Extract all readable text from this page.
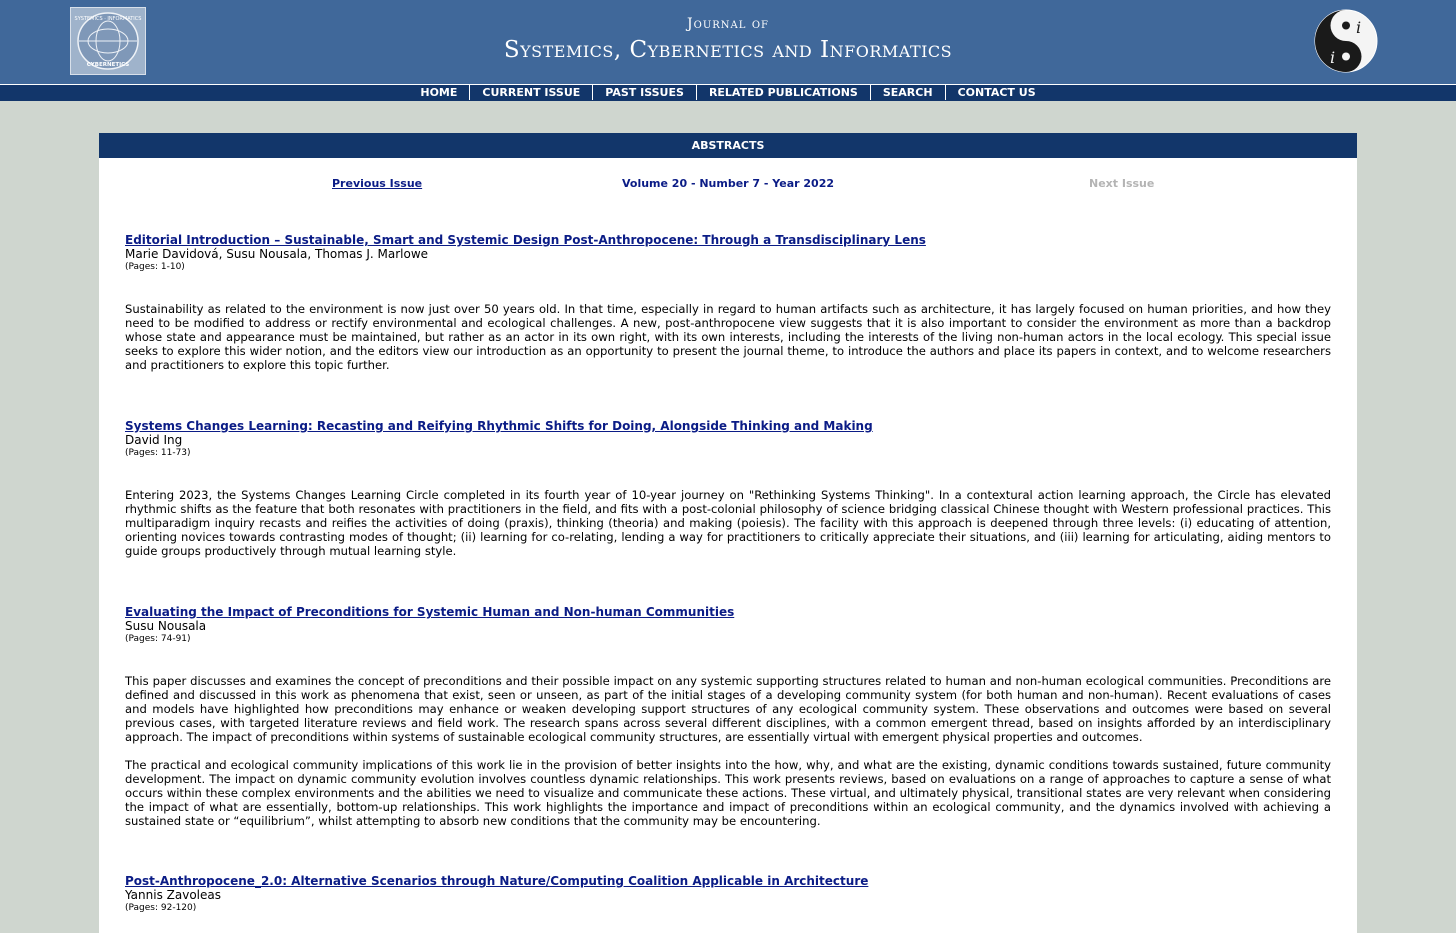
SYSTEMICS · INFORMATICS
CYBERNETICS
Journal of
Systemics, Cybernetics and Informatics
i
i
HOME CURRENT ISSUE PAST ISSUES RELATED PUBLICATIONS SEARCH CONTACT US
ABSTRACTS
Previous Issue	Volume 20 - Number 7 - Year 2022	Next Issue
Editorial Introduction – Sustainable, Smart and Systemic Design Post-Anthropocene: Through a Transdisciplinary Lens
Marie Davidová, Susu Nousala, Thomas J. Marlowe
(Pages: 1-10)

Sustainability as related to the environment is now just over 50 years old. In that time, especially in regard to human artifacts such as architecture, it has largely focused on human priorities, and how they need to be modified to address or rectify environmental and ecological challenges. A new, post-anthropocene view suggests that it is also important to consider the environment as more than a backdrop whose state and appearance must be maintained, but rather as an actor in its own right, with its own interests, including the interests of the living non-human actors in the local ecology. This special issue seeks to explore this wider notion, and the editors view our introduction as an opportunity to present the journal theme, to introduce the authors and place its papers in context, and to welcome researchers and practitioners to explore this topic further.

Systems Changes Learning: Recasting and Reifying Rhythmic Shifts for Doing, Alongside Thinking and Making
David Ing
(Pages: 11-73)

Entering 2023, the Systems Changes Learning Circle completed in its fourth year of 10-year journey on "Rethinking Systems Thinking". In a contextural action learning approach, the Circle has elevated rhythmic shifts as the feature that both resonates with practitioners in the field, and fits with a post-colonial philosophy of science bridging classical Chinese thought with Western professional practices. This multiparadigm inquiry recasts and reifies the activities of doing (praxis), thinking (theoria) and making (poiesis). The facility with this approach is deepened through three levels: (i) educating of attention, orienting novices towards contrasting modes of thought; (ii) learning for co-relating, lending a way for practitioners to critically appreciate their situations, and (iii) learning for articulating, aiding mentors to guide groups productively through mutual learning style.

Evaluating the Impact of Preconditions for Systemic Human and Non-human Communities
Susu Nousala
(Pages: 74-91)

This paper discusses and examines the concept of preconditions and their possible impact on any systemic supporting structures related to human and non-human ecological communities. Preconditions are defined and discussed in this work as phenomena that exist, seen or unseen, as part of the initial stages of a developing community system (for both human and non-human). Recent evaluations of cases and models have highlighted how preconditions may enhance or weaken developing support structures of any ecological community system. These observations and outcomes were based on several previous cases, with targeted literature reviews and field work. The research spans across several different disciplines, with a common emergent thread, based on insights afforded by an interdisciplinary approach. The impact of preconditions within systems of sustainable ecological community structures, are essentially virtual with emergent physical properties and outcomes.

The practical and ecological community implications of this work lie in the provision of better insights into the how, why, and what are the existing, dynamic conditions towards sustained, future community development. The impact on dynamic community evolution involves countless dynamic relationships. This work presents reviews, based on evaluations on a range of approaches to capture a sense of what occurs within these complex environments and the abilities we need to visualize and communicate these actions. These virtual, and ultimately physical, transitional states are very relevant when considering the impact of what are essentially, bottom-up relationships. This work highlights the importance and impact of preconditions within an ecological community, and the dynamics involved with achieving a sustained state or “equilibrium”, whilst attempting to absorb new conditions that the community may be encountering.

Post-Anthropocene_2.0: Alternative Scenarios through Nature/Computing Coalition Applicable in Architecture
Yannis Zavoleas
(Pages: 92-120)
